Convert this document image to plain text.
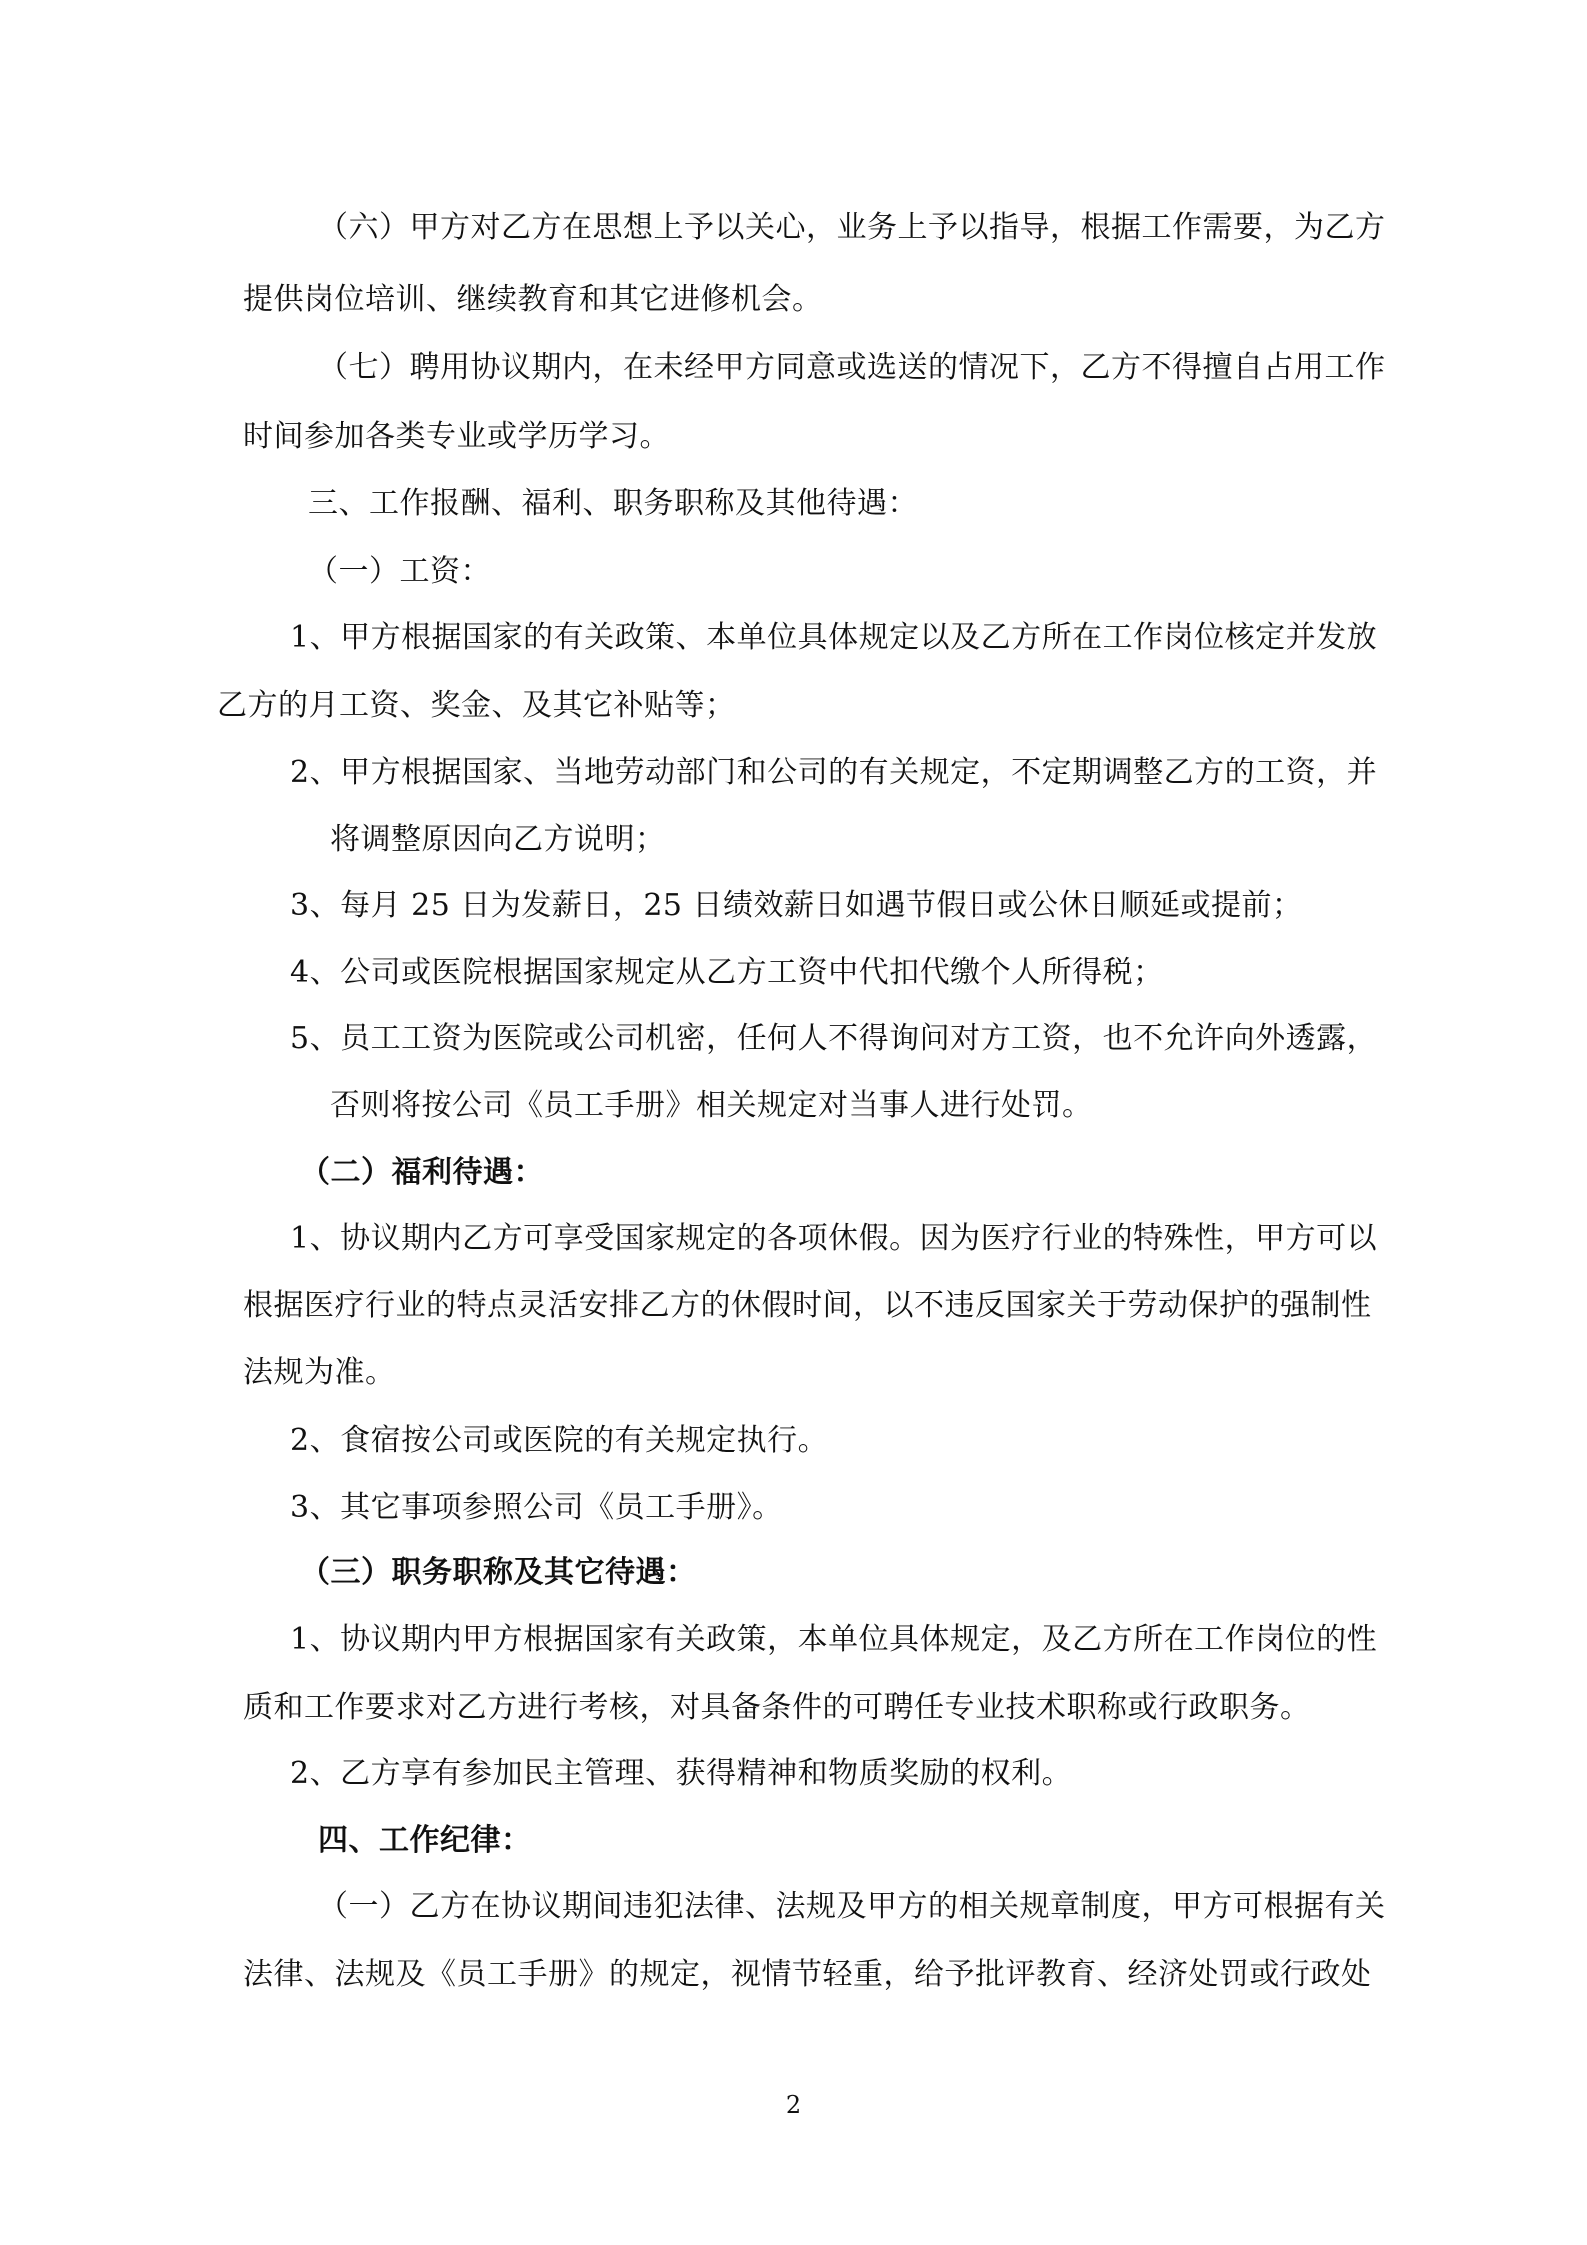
（六）甲方对乙方在思想上予以关心，业务上予以指导，根据工作需要，为乙方
提供岗位培训、继续教育和其它进修机会。
（七）聘用协议期内，在未经甲方同意或选送的情况下，乙方不得擅自占用工作
时间参加各类专业或学历学习。
三、工作报酬、福利、职务职称及其他待遇：
（一）工资：
1、甲方根据国家的有关政策、本单位具体规定以及乙方所在工作岗位核定并发放
乙方的月工资、奖金、及其它补贴等；
2、甲方根据国家、当地劳动部门和公司的有关规定，不定期调整乙方的工资，并
将调整原因向乙方说明；
3、每月 25 日为发薪日，25 日绩效薪日如遇节假日或公休日顺延或提前；
4、公司或医院根据国家规定从乙方工资中代扣代缴个人所得税；
5、员工工资为医院或公司机密，任何人不得询问对方工资，也不允许向外透露，
否则将按公司《员工手册》相关规定对当事人进行处罚。
（二）福利待遇：
1、协议期内乙方可享受国家规定的各项休假。因为医疗行业的特殊性，甲方可以
根据医疗行业的特点灵活安排乙方的休假时间，以不违反国家关于劳动保护的强制性
法规为准。
2、食宿按公司或医院的有关规定执行。
3、其它事项参照公司《员工手册》。
（三）职务职称及其它待遇：
1、协议期内甲方根据国家有关政策，本单位具体规定，及乙方所在工作岗位的性
质和工作要求对乙方进行考核，对具备条件的可聘任专业技术职称或行政职务。
2、乙方享有参加民主管理、获得精神和物质奖励的权利。
四、工作纪律：
（一）乙方在协议期间违犯法律、法规及甲方的相关规章制度，甲方可根据有关
法律、法规及《员工手册》的规定，视情节轻重，给予批评教育、经济处罚或行政处
2
